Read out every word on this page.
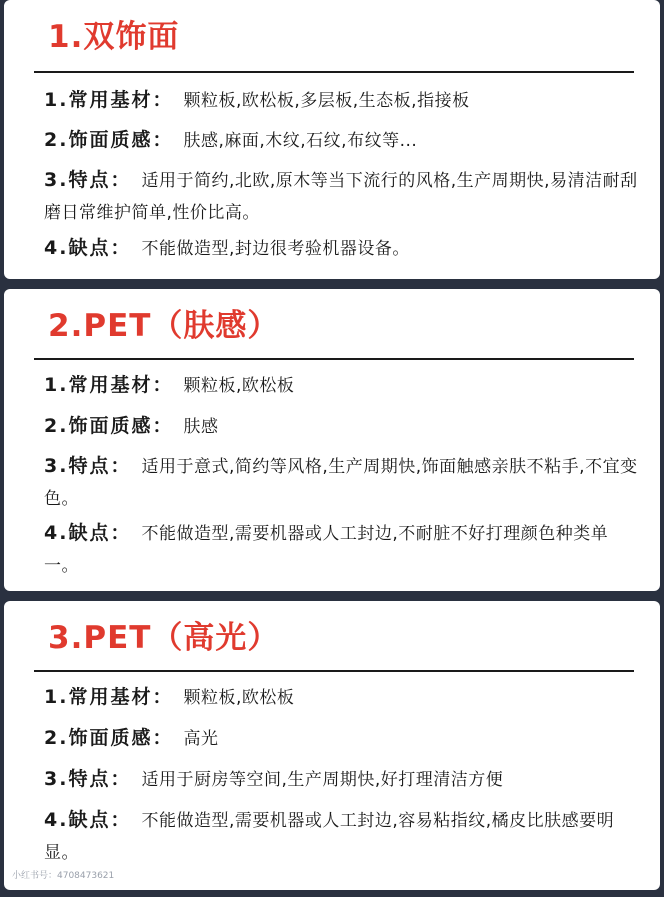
1.双饰面

1.常用基材： 颗粒板,欧松板,多层板,生态板,指接板

2.饰面质感： 肤感,麻面,木纹,石纹,布纹等...

3.特点： 适用于简约,北欧,原木等当下流行的风格,生产周期快,易清洁耐刮磨日常维护简单,性价比高。

4.缺点： 不能做造型,封边很考验机器设备。

2.PET（肤感）

1.常用基材： 颗粒板,欧松板

2.饰面质感： 肤感

3.特点： 适用于意式,简约等风格,生产周期快,饰面触感亲肤不粘手,不宜变色。

4.缺点： 不能做造型,需要机器或人工封边,不耐脏不好打理颜色种类单一。

3.PET（高光）

1.常用基材： 颗粒板,欧松板

2.饰面质感： 高光

3.特点： 适用于厨房等空间,生产周期快,好打理清洁方便

4.缺点： 不能做造型,需要机器或人工封边,容易粘指纹,橘皮比肤感要明显。

小红书号：4708473621
